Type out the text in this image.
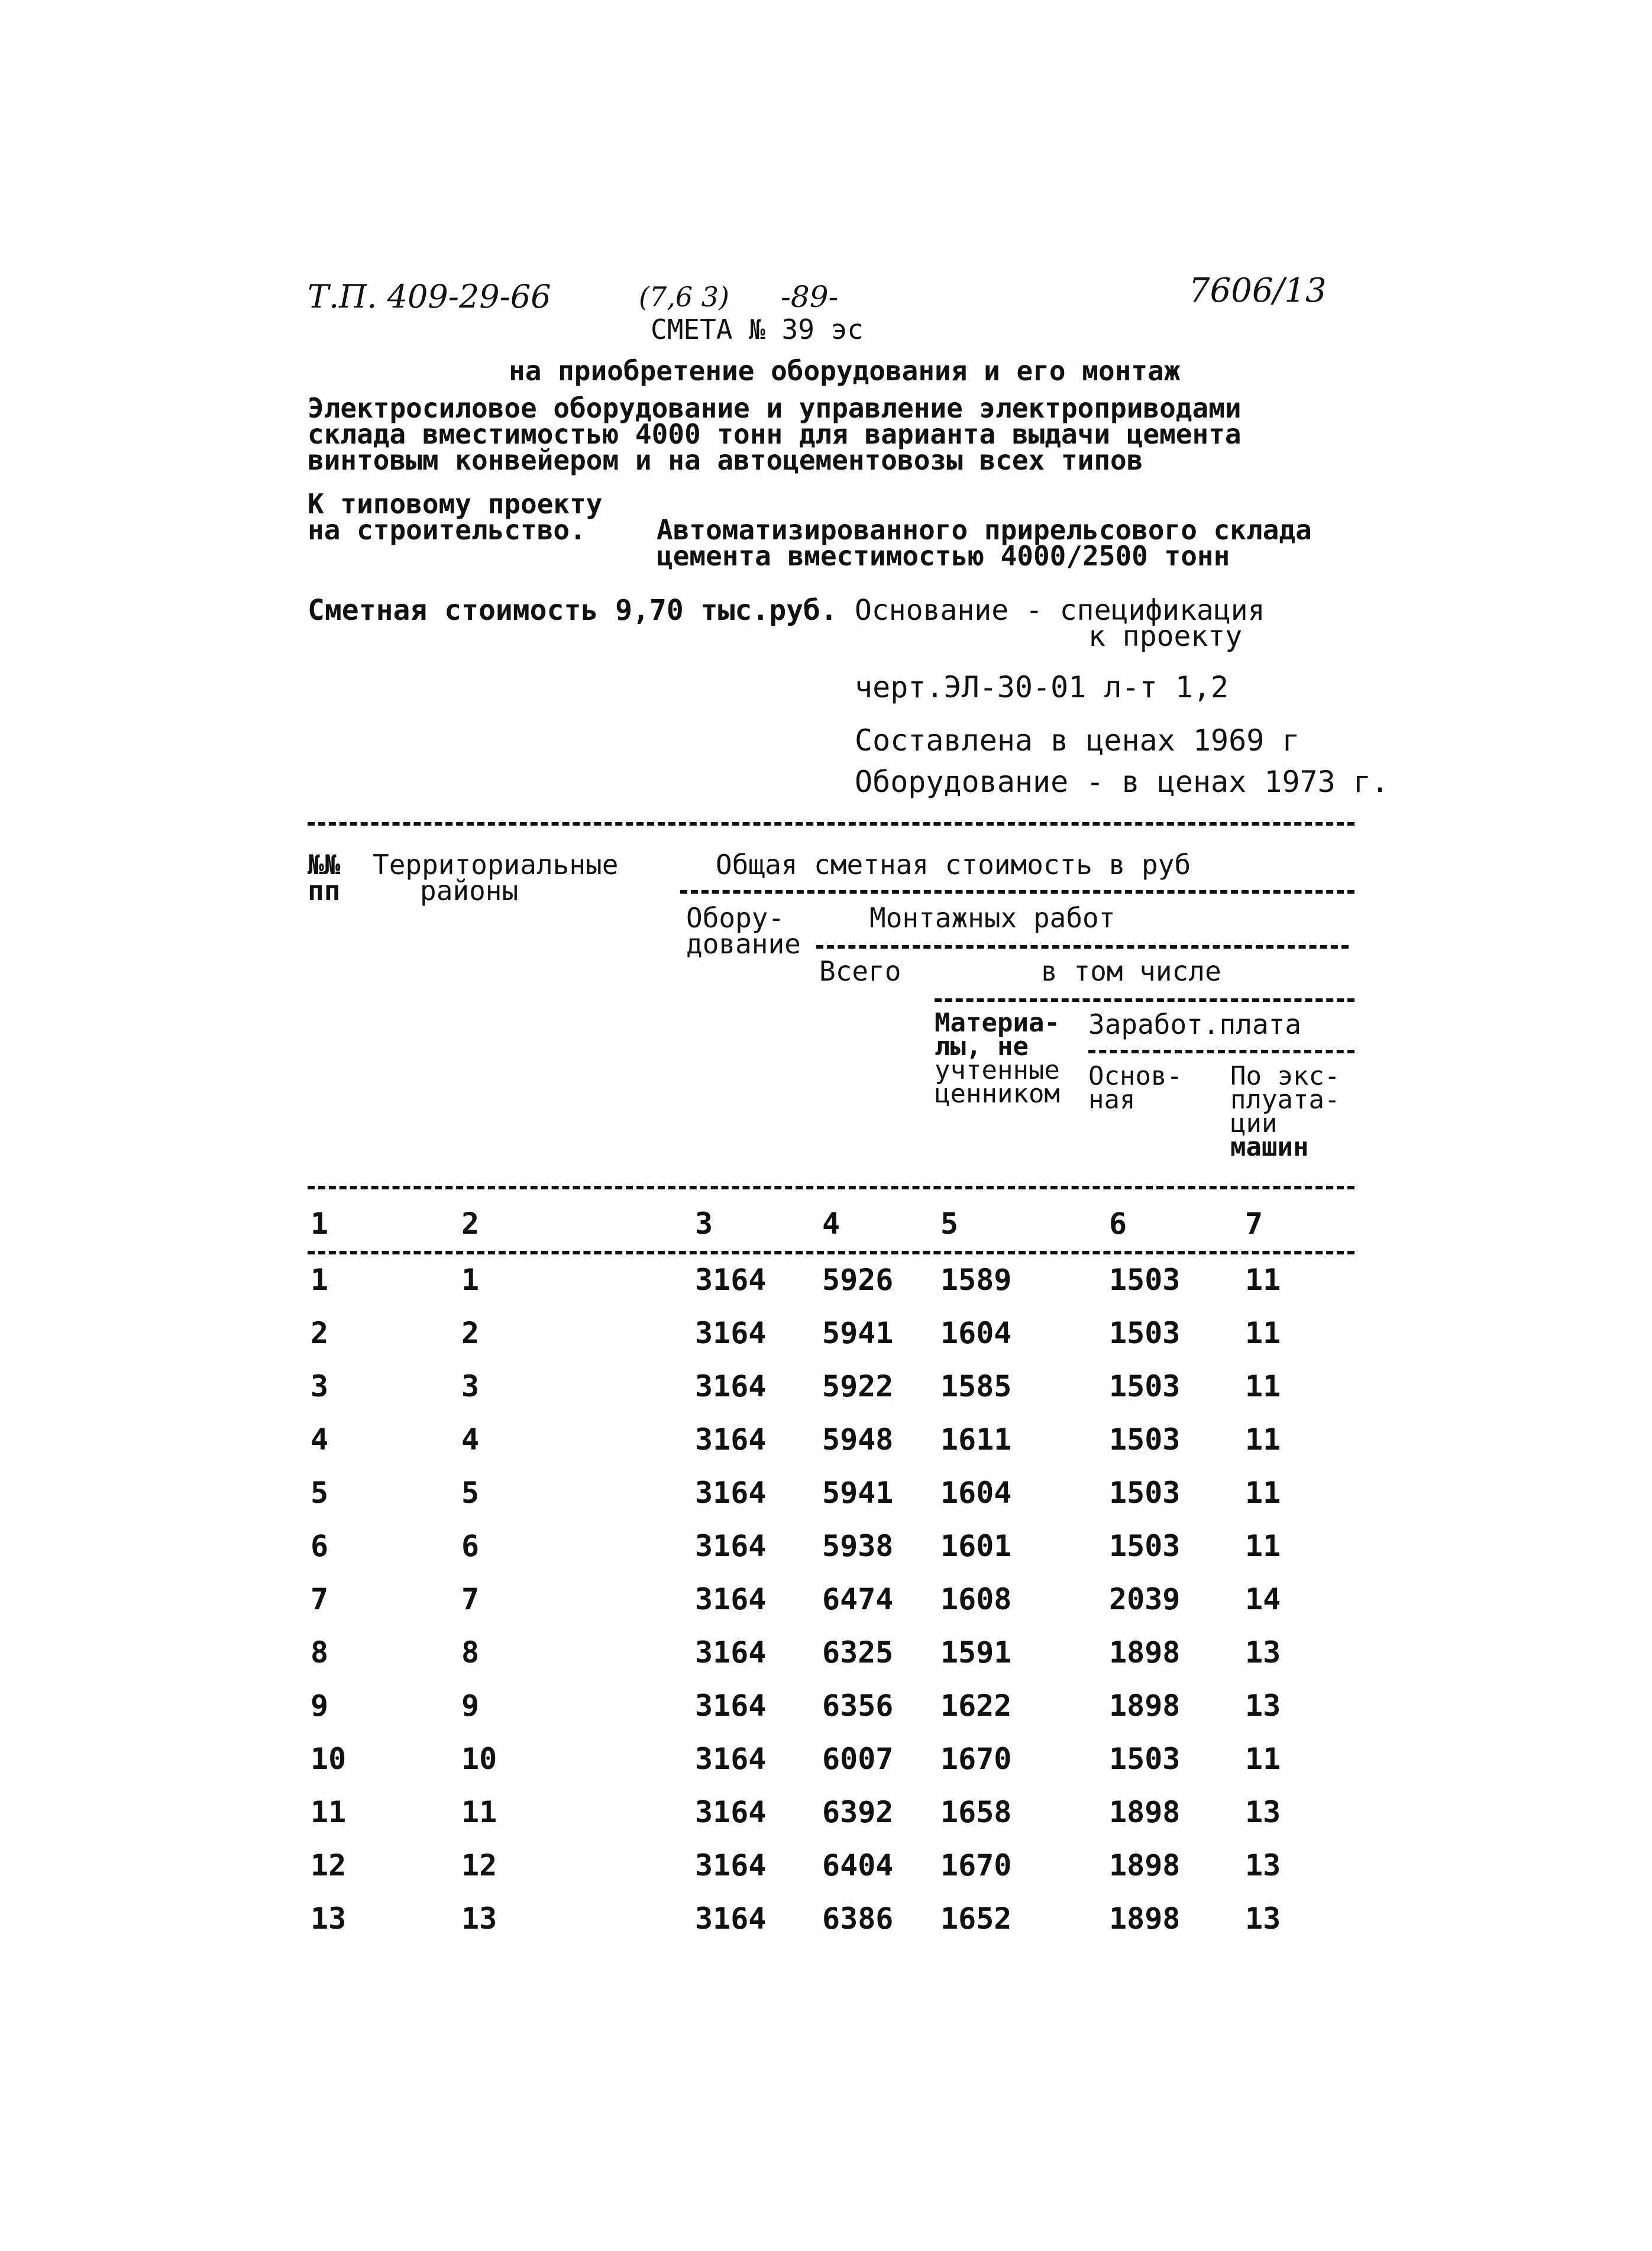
Т.П. 409-29-66	(7,6 3) -89-	7606/13
СМЕТА № 39 эс
на приобретение оборудования и его монтаж
Электросиловое оборудование и управление электроприводами
склада вместимостью 4000 тонн для варианта выдачи цемента
винтовым конвейером и на автоцементовозы всех типов
К типовому проекту
на строительство.	Автоматизированного прирельсового склада
цемента вместимостью 4000/2500 тонн
Сметная стоимость 9,70 тыс.руб. Основание - спецификация
к проекту
черт.ЭЛ-30-01 л-т 1,2
Составлена в ценах 1969 г
Оборудование - в ценах 1973 г.
№№
пп
Территориальные
районы
Общая сметная стоимость в руб
Обору-
дование
Монтажных работ
Всего	в том числе
Материа-
лы, не
учтенные
ценником
Заработ.плата
Основ-
ная
По экс-
плуата-
ции
машин
1	2	3	4	5	6	7
1	1	3164 5926 1589	1503 11
2	2	3164 5941 1604	1503 11
3	3	3164 5922 1585	1503 11
4	4	3164 5948 1611	1503 11
5	5	3164 5941 1604	1503 11
6	6	3164 5938 1601	1503 11
7	7	3164 6474 1608	2039 14
8	8	3164 6325 1591	1898 13
9	9	3164 6356 1622	1898 13
10	10	3164 6007 1670	1503 11
11	11	3164 6392 1658	1898 13
12	12	3164 6404 1670	1898 13
13	13	3164 6386 1652	1898 13
